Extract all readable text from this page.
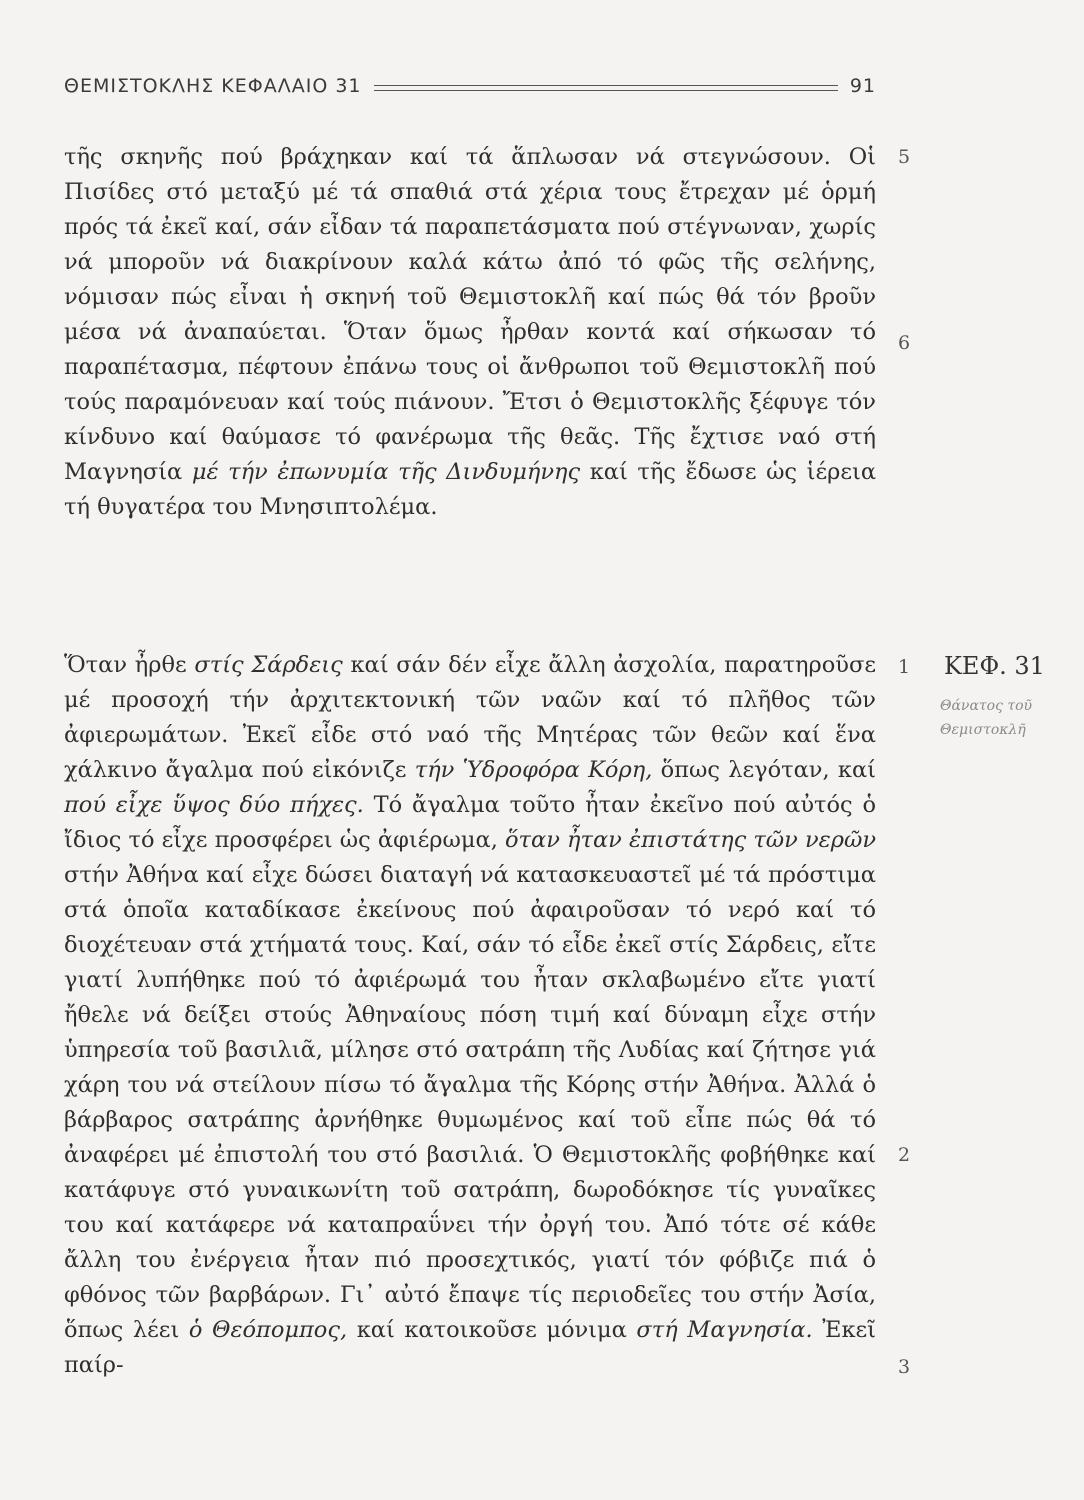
ΘΕΜΙΣΤΟΚΛΗΣ ΚΕΦΑΛΑΙΟ 31	91

τῆς σκηνῆς πού βράχηκαν καί τά ἅπλωσαν νά στεγνώσουν. Οἱ Πισίδες στό μεταξύ μέ τά σπαθιά στά χέρια τους ἔτρεχαν μέ ὁρμή πρός τά ἐκεῖ καί, σάν εἶδαν τά παραπετάσματα πού στέγνωναν, χωρίς νά μποροῦν νά διακρίνουν καλά κάτω ἀπό τό φῶς τῆς σελήνης, νόμισαν πώς εἶναι ἡ σκηνή τοῦ Θεμιστοκλῆ καί πώς θά τόν βροῦν μέσα νά ἀναπαύεται. Ὅταν ὅμως ἦρθαν κοντά καί σήκωσαν τό παραπέτασμα, πέφτουν ἐπάνω τους οἱ ἄνθρωποι τοῦ Θεμιστοκλῆ πού τούς παραμόνευαν καί τούς πιάνουν. Ἔτσι ὁ Θεμιστοκλῆς ξέφυγε τόν κίνδυνο καί θαύμασε τό φανέρωμα τῆς θεᾶς. Τῆς ἔχτισε ναό στή Μαγνησία μέ τήν ἐπωνυμία τῆς Δινδυμήνης καί τῆς ἔδωσε ὡς ἱέρεια τή θυγατέρα του Μνησιπτολέμα.

Ὅταν ἦρθε στίς Σάρδεις καί σάν δέν εἶχε ἄλλη ἀσχολία, παρατηροῦσε μέ προσοχή τήν ἀρχιτεκτονική τῶν ναῶν καί τό πλῆθος τῶν ἀφιερωμάτων. Ἐκεῖ εἶδε στό ναό τῆς Μητέρας τῶν θεῶν καί ἕνα χάλκινο ἄγαλμα πού εἰκόνιζε τήν Ὑδροφόρα Κόρη, ὅπως λεγόταν, καί πού εἶχε ὕψος δύο πήχες. Τό ἄγαλμα τοῦτο ἦταν ἐκεῖνο πού αὐτός ὁ ἴδιος τό εἶχε προσφέρει ὡς ἀφιέρωμα, ὅταν ἦταν ἐπιστάτης τῶν νερῶν στήν Ἀθήνα καί εἶχε δώσει διαταγή νά κατασκευαστεῖ μέ τά πρόστιμα στά ὁποῖα καταδίκασε ἐκείνους πού ἀφαιροῦσαν τό νερό καί τό διοχέτευαν στά χτήματά τους. Καί, σάν τό εἶδε ἐκεῖ στίς Σάρδεις, εἴτε γιατί λυπήθηκε πού τό ἀφιέρωμά του ἦταν σκλαβωμένο εἴτε γιατί ἤθελε νά δείξει στούς Ἀθηναίους πόση τιμή καί δύναμη εἶχε στήν ὑπηρεσία τοῦ βασιλιᾶ, μίλησε στό σατράπη τῆς Λυδίας καί ζήτησε γιά χάρη του νά στείλουν πίσω τό ἄγαλμα τῆς Κόρης στήν Ἀθήνα. Ἀλλά ὁ βάρβαρος σατράπης ἀρνήθηκε θυμωμένος καί τοῦ εἶπε πώς θά τό ἀναφέρει μέ ἐπιστολή του στό βασιλιά. Ὁ Θεμιστοκλῆς φοβήθηκε καί κατάφυγε στό γυναικωνίτη τοῦ σατράπη, δωροδόκησε τίς γυναῖκες του καί κατάφερε νά καταπραΰνει τήν ὀργή του. Ἀπό τότε σέ κάθε ἄλλη του ἐνέργεια ἦταν πιό προσεχτικός, γιατί τόν φόβιζε πιά ὁ φθόνος τῶν βαρβάρων. Γι᾽ αὐτό ἔπαψε τίς περιοδεῖες του στήν Ἀσία, ὅπως λέει ὁ Θεόπομπος, καί κατοικοῦσε μόνιμα στή Μαγνησία. Ἐκεῖ παίρ-

5
6
1
2
3
ΚΕΦ. 31
Θάνατος τοῦ
Θεμιστοκλῆ
